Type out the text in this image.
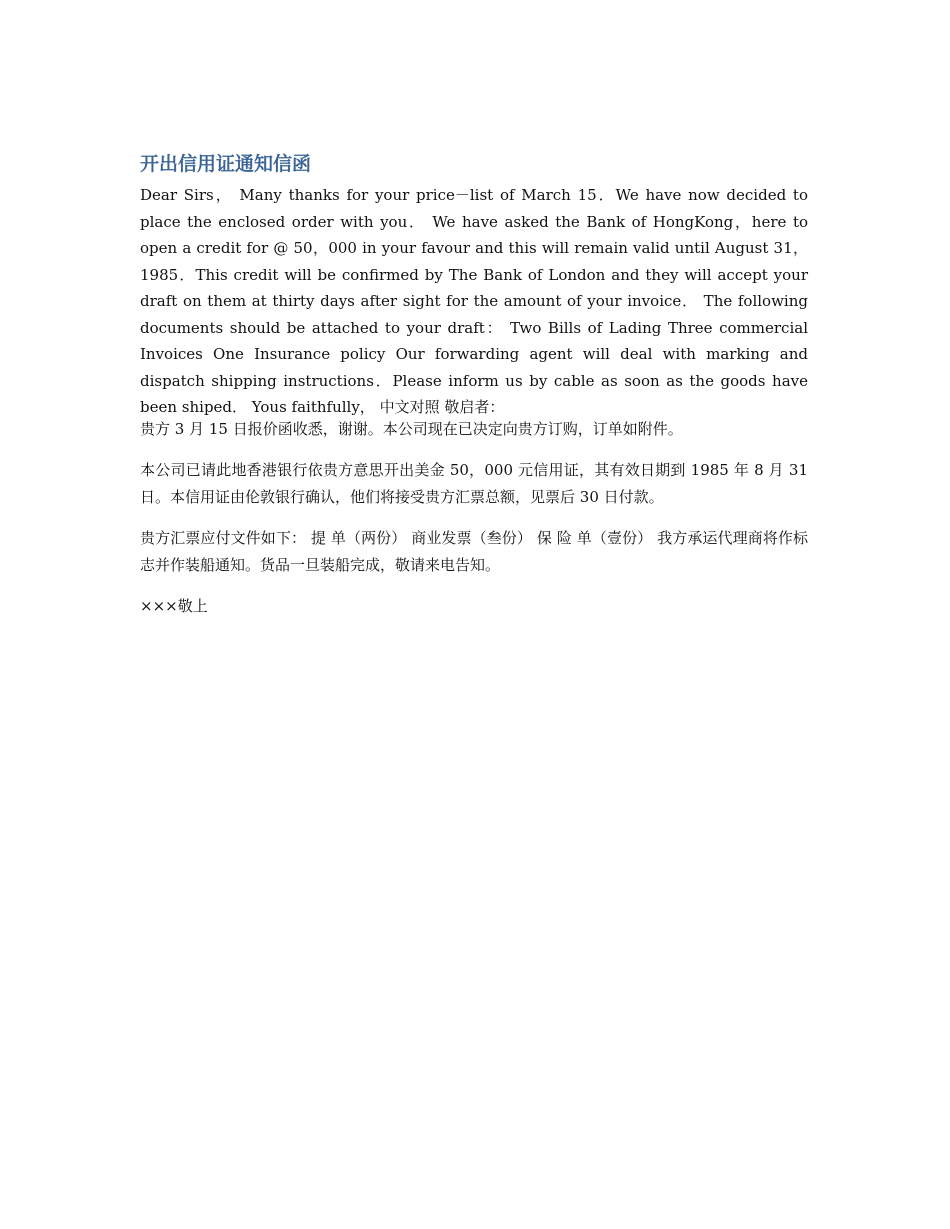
开出信用证通知信函

Dear Sirs， Many thanks for your price－list of March 15．We have now decided to place the enclosed order with you． We have asked the Bank of HongKong，here to open a credit for @ 50，000 in your favour and this will remain valid until August 31，1985．This credit will be confirmed by The Bank of London and they will accept your draft on them at thirty days after sight for the amount of your invoice． The following documents should be attached to your draft： Two Bills of Lading Three commercial Invoices One Insurance policy Our forwarding agent will deal with marking and dispatch shipping instructions．Please inform us by cable as soon as the goods have been shiped． Yous faithfully， 中文对照 敬启者：

贵方 3 月 15 日报价函收悉，谢谢。本公司现在已决定向贵方订购，订单如附件。

本公司已请此地香港银行依贵方意思开出美金 50，000 元信用证，其有效日期到 1985 年 8 月 31 日。本信用证由伦敦银行确认，他们将接受贵方汇票总额，见票后 30 日付款。

贵方汇票应付文件如下： 提 单（两份） 商业发票（叁份） 保 险 单（壹份） 我方承运代理商将作标志并作装船通知。货品一旦装船完成，敬请来电告知。

×××敬上
